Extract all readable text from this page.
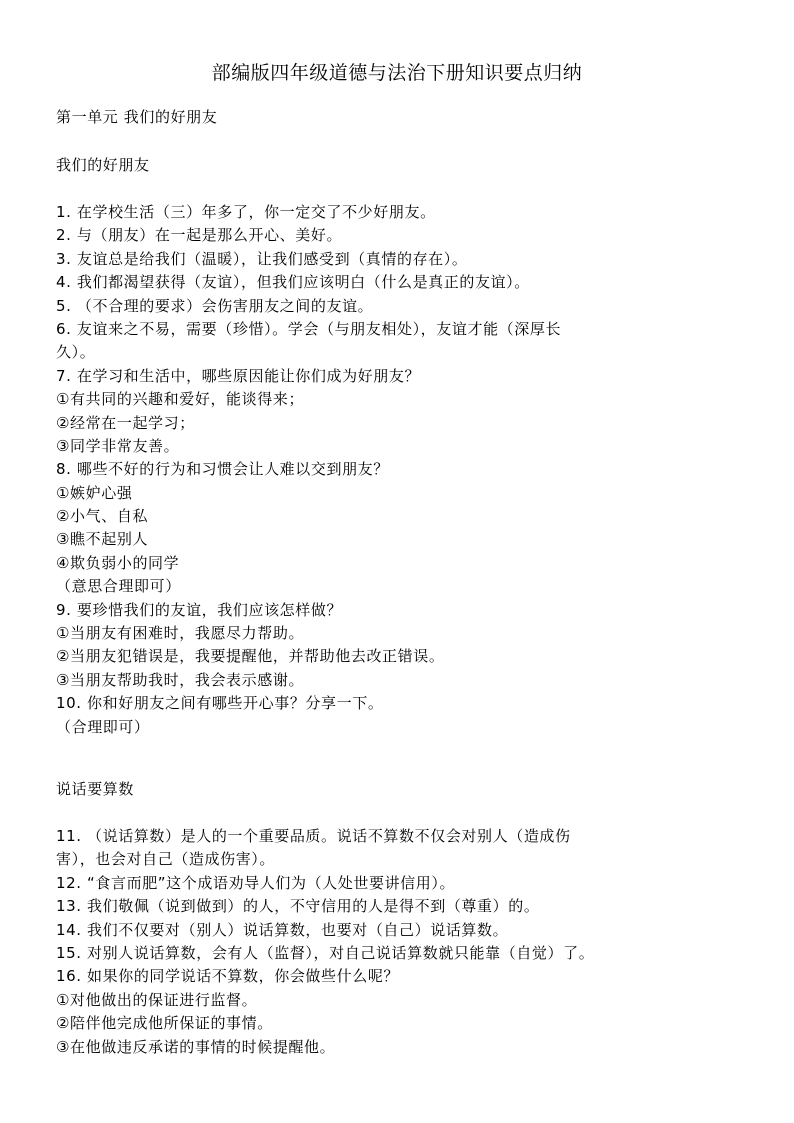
部编版四年级道德与法治下册知识要点归纳
第一单元 我们的好朋友
我们的好朋友
1. 在学校生活（三）年多了，你一定交了不少好朋友。
2. 与（朋友）在一起是那么开心、美好。
3. 友谊总是给我们（温暖），让我们感受到（真情的存在）。
4. 我们都渴望获得（友谊），但我们应该明白（什么是真正的友谊）。
5. （不合理的要求）会伤害朋友之间的友谊。
6. 友谊来之不易，需要（珍惜）。学会（与朋友相处），友谊才能（深厚长
久）。
7. 在学习和生活中，哪些原因能让你们成为好朋友？
①有共同的兴趣和爱好，能谈得来；
②经常在一起学习；
③同学非常友善。
8. 哪些不好的行为和习惯会让人难以交到朋友？
①嫉妒心强
②小气、自私
③瞧不起别人
④欺负弱小的同学
（意思合理即可）
9. 要珍惜我们的友谊，我们应该怎样做？
①当朋友有困难时，我愿尽力帮助。
②当朋友犯错误是，我要提醒他，并帮助他去改正错误。
③当朋友帮助我时，我会表示感谢。
10. 你和好朋友之间有哪些开心事？分享一下。
（合理即可）
说话要算数
11. （说话算数）是人的一个重要品质。说话不算数不仅会对别人（造成伤
害），也会对自己（造成伤害）。
12. “食言而肥”这个成语劝导人们为（人处世要讲信用）。
13. 我们敬佩（说到做到）的人，不守信用的人是得不到（尊重）的。
14. 我们不仅要对（别人）说话算数，也要对（自己）说话算数。
15. 对别人说话算数，会有人（监督），对自己说话算数就只能靠（自觉）了。
16. 如果你的同学说话不算数，你会做些什么呢？
①对他做出的保证进行监督。
②陪伴他完成他所保证的事情。
③在他做违反承诺的事情的时候提醒他。
